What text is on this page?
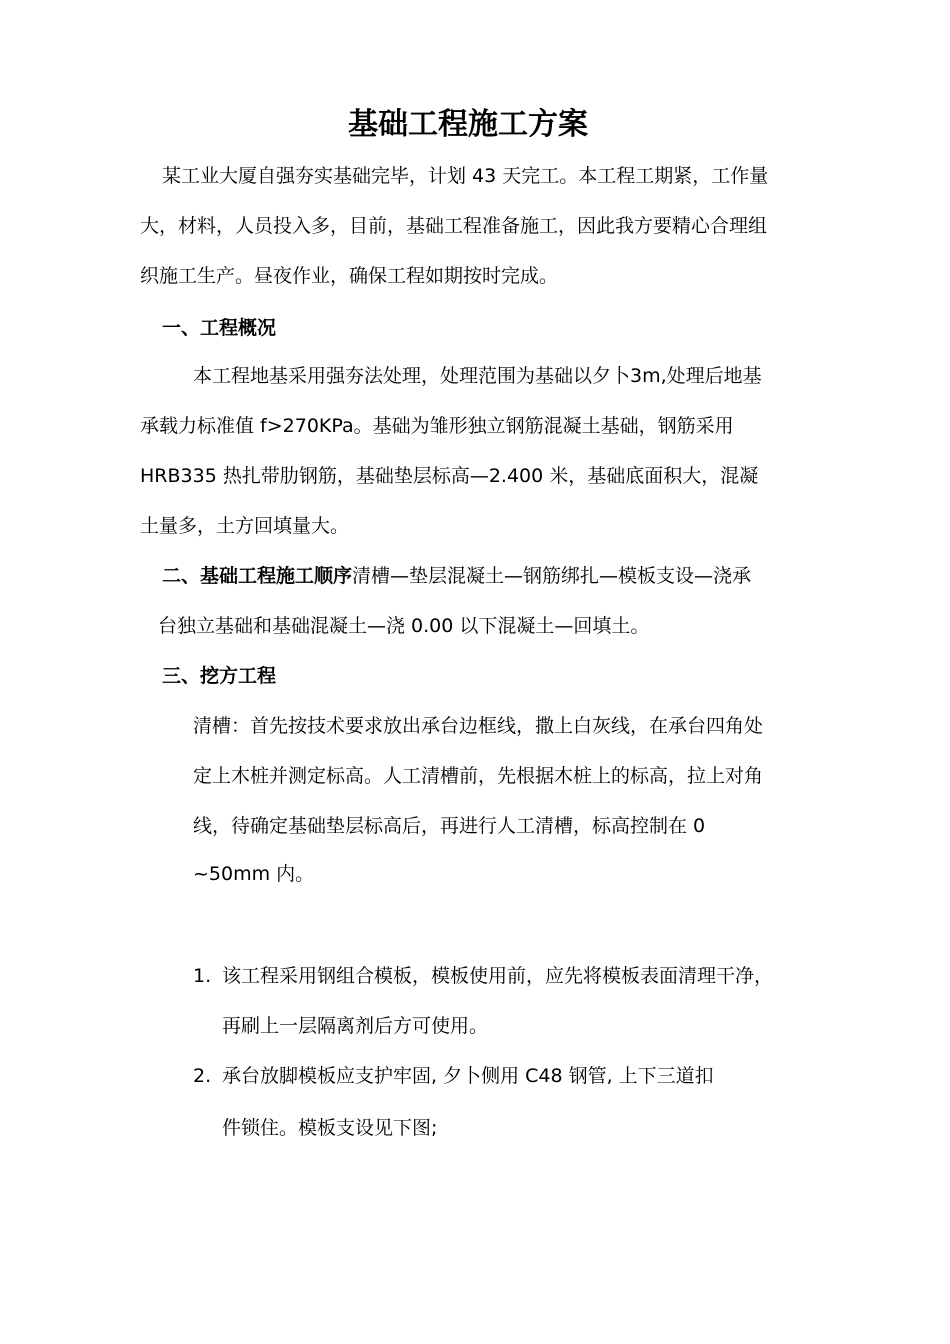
基础工程施工方案
某工业大厦自强夯实基础完毕，计划 43 天完工。本工程工期紧，工作量
大，材料，人员投入多，目前，基础工程准备施工，因此我方要精心合理组
织施工生产。昼夜作业，确保工程如期按时完成。
一、工程概况
本工程地基采用强夯法处理，处理范围为基础以夕卜3m,处理后地基
承载力标准值 f>270KPa。基础为雏形独立钢筋混凝土基础，钢筋采用
HRB335 热扎带肋钢筋，基础垫层标高—2.400 米，基础底面积大，混凝
土量多，土方回填量大。
二、基础工程施工顺序清槽—垫层混凝土—钢筋绑扎—模板支设—浇承
台独立基础和基础混凝土—浇 0.00 以下混凝土—回填土。
三、挖方工程
清槽：首先按技术要求放出承台边框线，撒上白灰线，在承台四角处
定上木桩并测定标高。人工清槽前，先根据木桩上的标高，拉上对角
线，待确定基础垫层标高后，再进行人工清槽，标高控制在 0
~50mm 内。
1. 该工程采用钢组合模板，模板使用前，应先将模板表面清理干净，
再刷上一层隔离剂后方可使用。
2. 承台放脚模板应支护牢固, 夕卜侧用 C48 钢管, 上下三道扣
件锁住。模板支设见下图;
